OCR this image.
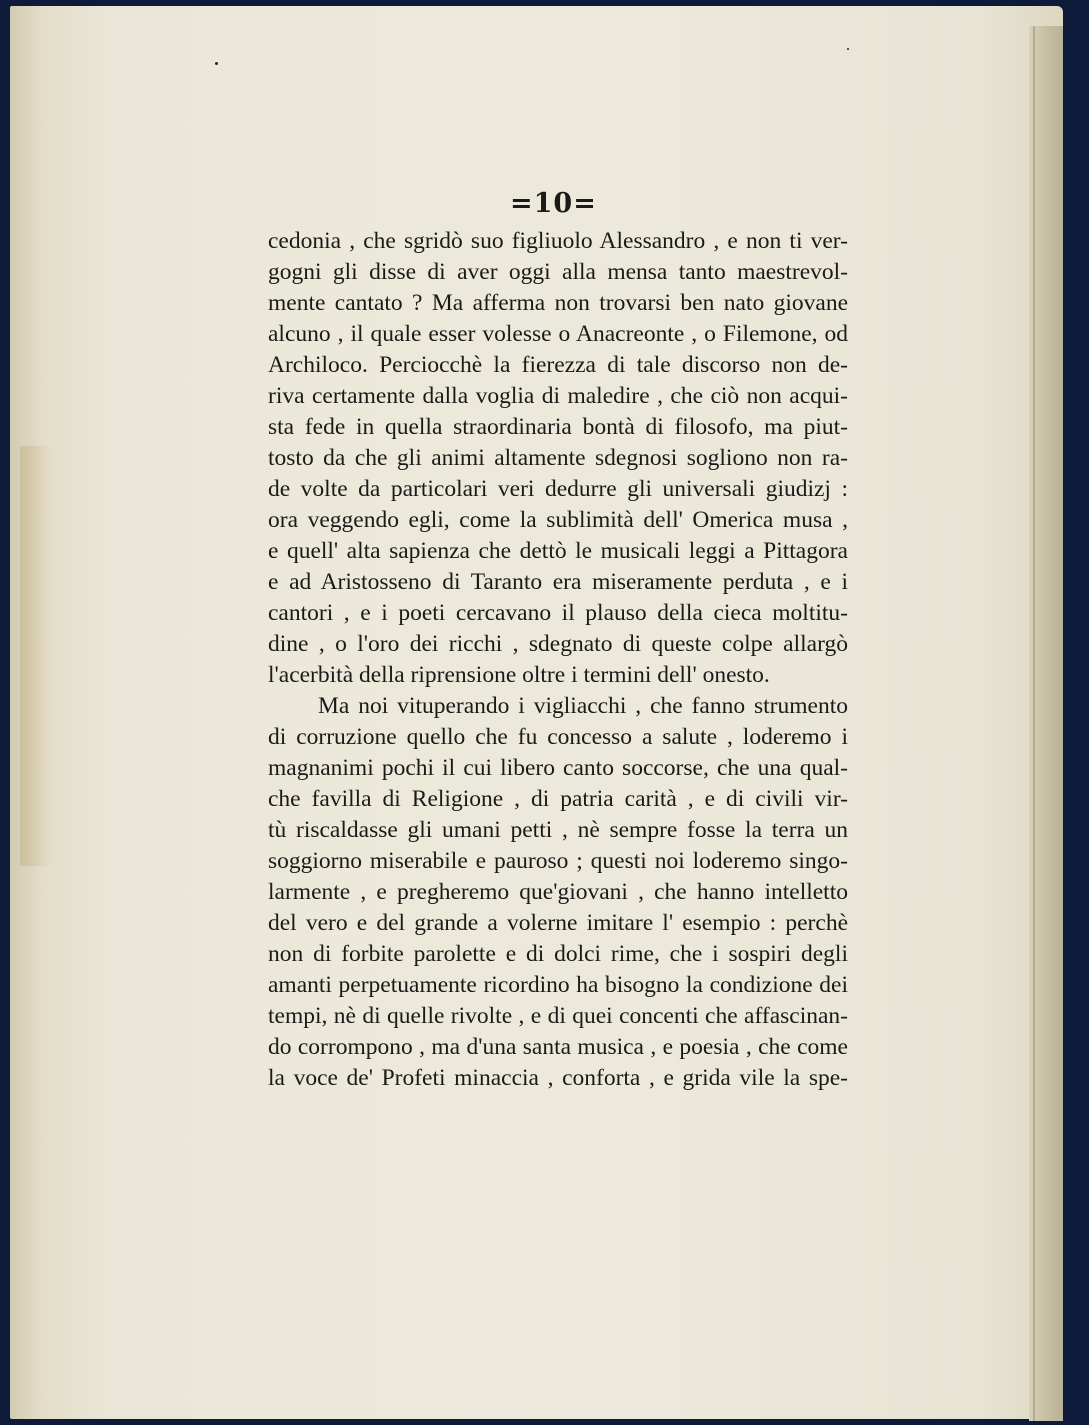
=10=
cedonia , che sgridò suo figliuolo Alessandro , e non ti ver-
gogni gli disse di aver oggi alla mensa tanto maestrevol-
mente cantato ? Ma afferma non trovarsi ben nato giovane
alcuno , il quale esser volesse o Anacreonte , o Filemone, od
Archiloco. Perciocchè la fierezza di tale discorso non de-
riva certamente dalla voglia di maledire , che ciò non acqui-
sta fede in quella straordinaria bontà di filosofo, ma piut-
tosto da che gli animi altamente sdegnosi sogliono non ra-
de volte da particolari veri dedurre gli universali giudizj :
ora veggendo egli, come la sublimità dell' Omerica musa ,
e quell' alta sapienza che dettò le musicali leggi a Pittagora
e ad Aristosseno di Taranto era miseramente perduta , e i
cantori , e i poeti cercavano il plauso della cieca moltitu-
dine , o l'oro dei ricchi , sdegnato di queste colpe allargò
l'acerbità della riprensione oltre i termini dell' onesto.
Ma noi vituperando i vigliacchi , che fanno strumento
di corruzione quello che fu concesso a salute , loderemo i
magnanimi pochi il cui libero canto soccorse, che una qual-
che favilla di Religione , di patria carità , e di civili vir-
tù riscaldasse gli umani petti , nè sempre fosse la terra un
soggiorno miserabile e pauroso ; questi noi loderemo singo-
larmente , e pregheremo que'giovani , che hanno intelletto
del vero e del grande a volerne imitare l' esempio : perchè
non di forbite parolette e di dolci rime, che i sospiri degli
amanti perpetuamente ricordino ha bisogno la condizione dei
tempi, nè di quelle rivolte , e di quei concenti che affascinan-
do corrompono , ma d'una santa musica , e poesia , che come
la voce de' Profeti minaccia , conforta , e grida vile la spe-
